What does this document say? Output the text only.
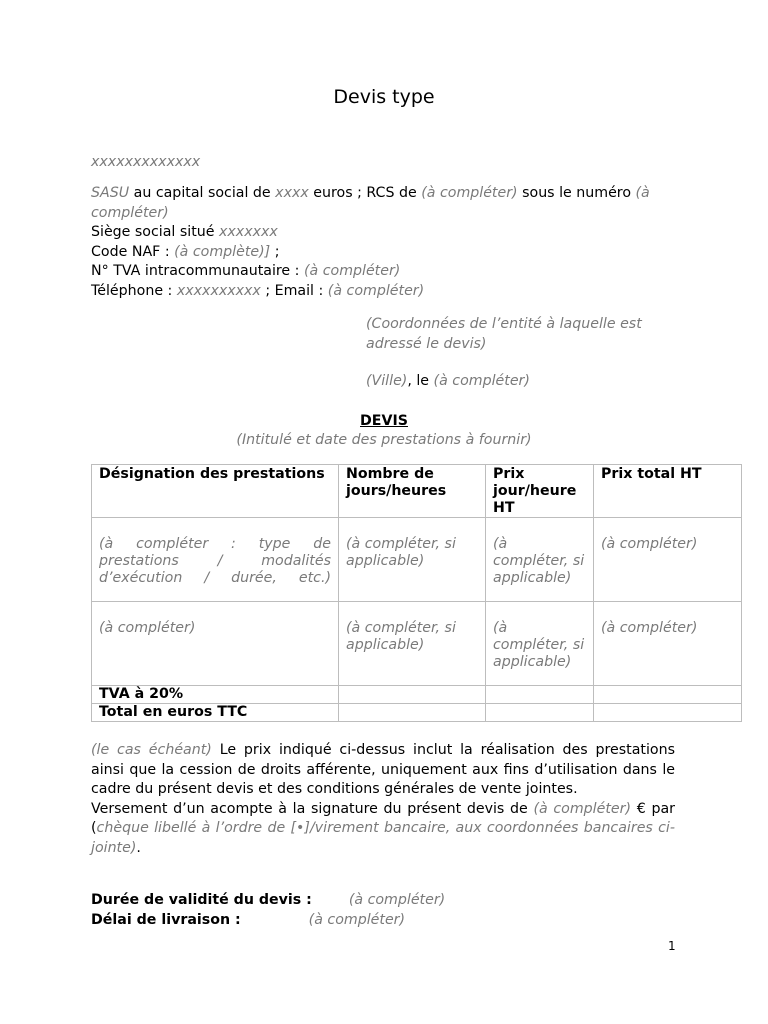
Devis type
xxxxxxxxxxxxx
SASU au capital social de xxxx euros ; RCS de (à compléter) sous le numéro (à compléter)
Siège social situé xxxxxxx
Code NAF : (à complète)] ;
N° TVA intracommunautaire : (à compléter)
Téléphone : xxxxxxxxxx ; Email : (à compléter)
(Coordonnées de l’entité à laquelle est adressé le devis)
(Ville), le (à compléter)
DEVIS
(Intitulé et date des prestations à fournir)
Désignation des prestations	Nombre de jours/heures	Prix jour/heure HT	Prix total HT
(à compléter : type de prestations / modalités d’exécution / durée, etc.)	(à compléter, si applicable)	(à compléter, si applicable)	(à compléter)
(à compléter)	(à compléter, si applicable)	(à compléter, si applicable)	(à compléter)
TVA à 20%			
Total en euros TTC			

(le cas échéant) Le prix indiqué ci-dessus inclut la réalisation des prestations ainsi que la cession de droits afférente, uniquement aux fins d’utilisation dans le cadre du présent devis et des conditions générales de vente jointes.

Versement d’un acompte à la signature du présent devis de (à compléter) € par (chèque libellé à l’ordre de [•]/virement bancaire, aux coordonnées bancaires ci-jointe).

Durée de validité du devis :	(à compléter)
Délai de livraison :	(à compléter)
1
